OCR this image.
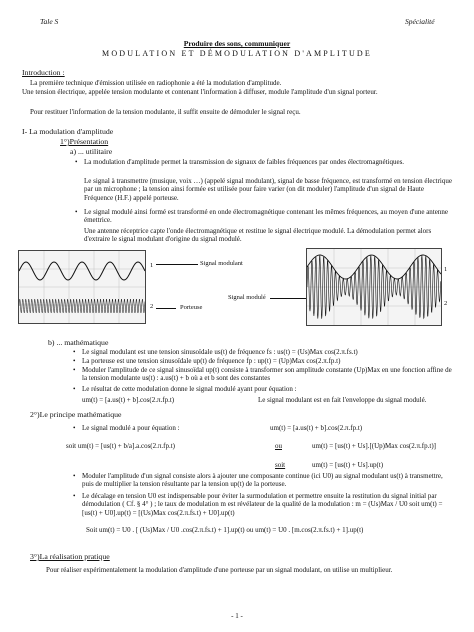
Tale S	Spécialité
Produire des sons, communiquer
MODULATION ET DÉMODULATION D'AMPLITUDE
Introduction :
La première technique d'émission utilisée en radiophonie a été la modulation d'amplitude.
Une tension électrique, appelée tension modulante et contenant l'information à diffuser, module l'amplitude d'un signal porteur.
Pour restituer l'information de la tension modulante, il suffit ensuite de démoduler le signal reçu.
I- La modulation d'amplitude
1°)Présentation
a) ... utilitaire
• La modulation d'amplitude permet la transmission de signaux de faibles fréquences par ondes électromagnétiques.
Le signal à transmettre (musique, voix …) (appelé signal modulant), signal de basse fréquence, est transformé en tension électrique par un microphone ; la tension ainsi formée est utilisée pour faire varier (on dit moduler) l'amplitude d'un signal de Haute Fréquence (H.F.) appelé porteuse.
• Le signal modulé ainsi formé est transformé en onde électromagnétique contenant les mêmes fréquences, au moyen d'une antenne émettrice.
Une antenne réceptrice capte l'onde électromagnétique et restitue le signal électrique modulé. La démodulation permet alors d'extraire le signal modulant d'origine du signal modulé.
1
2
Signal modulant
Porteuse
Signal modulé
1
2
b) ... mathématique
• Le signal modulant est une tension sinusoïdale us(t) de fréquence fs : us(t) = (Us)Max cos(2.π.fs.t)
• La porteuse est une tension sinusoïdale up(t) de fréquence fp : up(t) = (Up)Max cos(2.π.fp.t)
• Moduler l'amplitude de ce signal sinusoïdal up(t) consiste à transformer son amplitude constante (Up)Max en une fonction affine de la tension modulante us(t) : a.us(t) + b où a et b sont des constantes
• Le résultat de cette modulation donne le signal modulé ayant pour équation :
um(t) = [a.us(t) + b].cos(2.π.fp.t)	Le signal modulant est en fait l'enveloppe du signal modulé.
2°)Le principe mathématique
• Le signal modulé a pour équation :	um(t) = [a.us(t) + b].cos(2.π.fp.t)
soit um(t) = [us(t) + b/a].a.cos(2.π.fp.t)	ou	um(t) = [us(t) + Us].[(Up)Max cos(2.π.fp.t)]
soit	um(t) = [us(t) + Us].up(t)
• Moduler l'amplitude d'un signal consiste alors à ajouter une composante continue (ici U0) au signal modulant us(t) à transmettre, puis de multiplier la tension résultante par la tension up(t) de la porteuse.
• Le décalage en tension U0 est indispensable pour éviter la surmodulation et permettre ensuite la restitution du signal initial par démodulation ( Cf. § 4° ) ; le taux de modulation m est révélateur de la qualité de la modulation : m = (Us)Max / U0 soit um(t) = [us(t) + U0].up(t) = [(Us)Max cos(2.π.fs.t) + U0].up(t)
Soit um(t) = U0 . [ (Us)Max / U0 .cos(2.π.fs.t) + 1].up(t) ou um(t) = U0 . [m.cos(2.π.fs.t) + 1].up(t)
3°)La réalisation pratique
Pour réaliser expérimentalement la modulation d'amplitude d'une porteuse par un signal modulant, on utilise un multiplieur.
- 1 -
